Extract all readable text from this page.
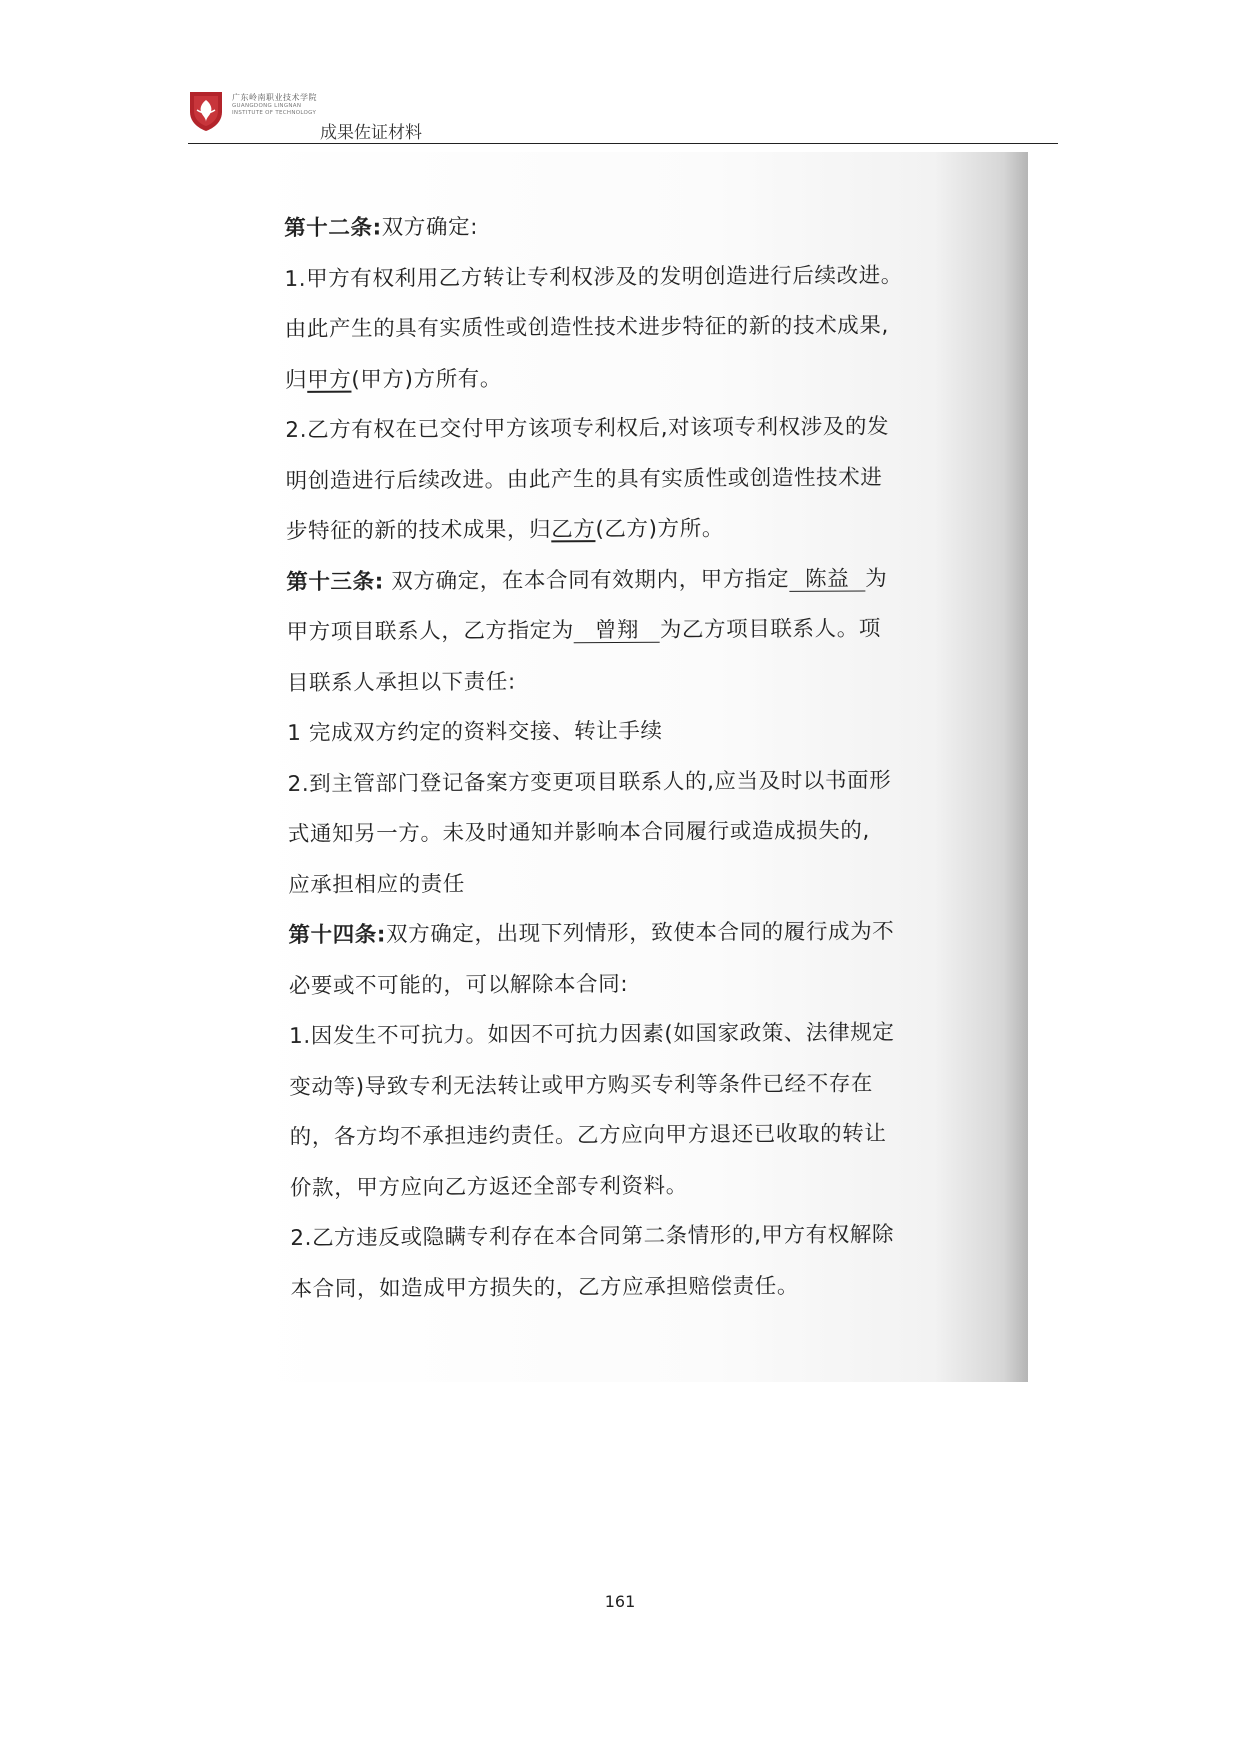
广东岭南职业技术学院
GUANGDONG LINGNAN
INSTITUTE OF TECHNOLOGY
成果佐证材料
第十二条:双方确定:
1.甲方有权利用乙方转让专利权涉及的发明创造进行后续改进。
由此产生的具有实质性或创造性技术进步特征的新的技术成果,
归甲方(甲方)方所有。
2.乙方有权在已交付甲方该项专利权后,对该项专利权涉及的发
明创造进行后续改进。由此产生的具有实质性或创造性技术进
步特征的新的技术成果，归乙方(乙方)方所。
第十三条: 双方确定，在本合同有效期内，甲方指定 陈益 为
甲方项目联系人，乙方指定为 曾翔 为乙方项目联系人。项
目联系人承担以下责任:
1 完成双方约定的资料交接、转让手续
2.到主管部门登记备案方变更项目联系人的,应当及时以书面形
式通知另一方。未及时通知并影响本合同履行或造成损失的,
应承担相应的责任
第十四条:双方确定，出现下列情形，致使本合同的履行成为不
必要或不可能的，可以解除本合同:
1.因发生不可抗力。如因不可抗力因素(如国家政策、法律规定
变动等)导致专利无法转让或甲方购买专利等条件已经不存在
的，各方均不承担违约责任。乙方应向甲方退还已收取的转让
价款，甲方应向乙方返还全部专利资料。
2.乙方违反或隐瞒专利存在本合同第二条情形的,甲方有权解除
本合同，如造成甲方损失的，乙方应承担赔偿责任。
161
